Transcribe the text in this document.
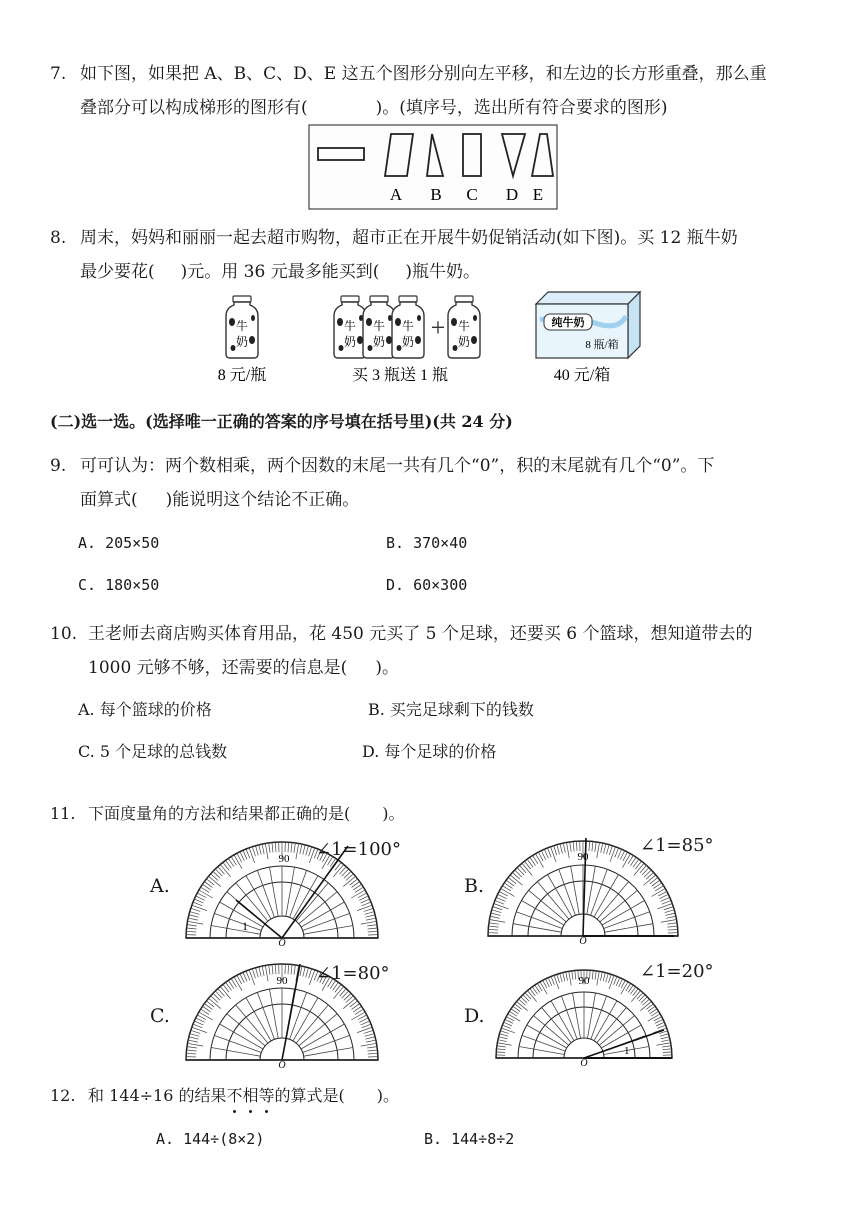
7. 如下图，如果把 A、B、C、D、E 这五个图形分别向左平移，和左边的长方形重叠，那么重
叠部分可以构成梯形的图形有(	)。(填序号，选出所有符合要求的图形)
A B C D E
8. 周末，妈妈和丽丽一起去超市购物，超市正在开展牛奶促销活动(如下图)。买 12 瓶牛奶
最少要花( )元。用 36 元最多能买到( )瓶牛奶。
牛
奶
牛
奶
牛
奶
牛
奶 + 牛
奶
纯牛奶
8 瓶/箱
8 元/瓶	买 3 瓶送 1 瓶	40 元/箱
(二)选一选。(选择唯一正确的答案的序号填在括号里)(共 24 分)
9. 可可认为：两个数相乘，两个因数的末尾一共有几个“0”，积的末尾就有几个“0”。下
面算式( )能说明这个结论不正确。
A. 205×50	B. 370×40
C. 180×50	D. 60×300
10. 王老师去商店购买体育用品，花 450 元买了 5 个足球，还要买 6 个篮球，想知道带去的
1000 元够不够，还需要的信息是( )。
A. 每个篮球的价格	B. 买完足球剩下的钱数
C. 5 个足球的总钱数	D. 每个足球的价格
11. 下面度量角的方法和结果都正确的是(　　)。
A.
90
1
O
∠1=100°
B.
90
O
∠1=85°
C.
90
O
∠1=80°
D.
90
1
O
∠1=20°
12. 和 144÷16 的结果不相等
的算式是(　　)。
A. 144÷(8×2)	B. 144÷8÷2
